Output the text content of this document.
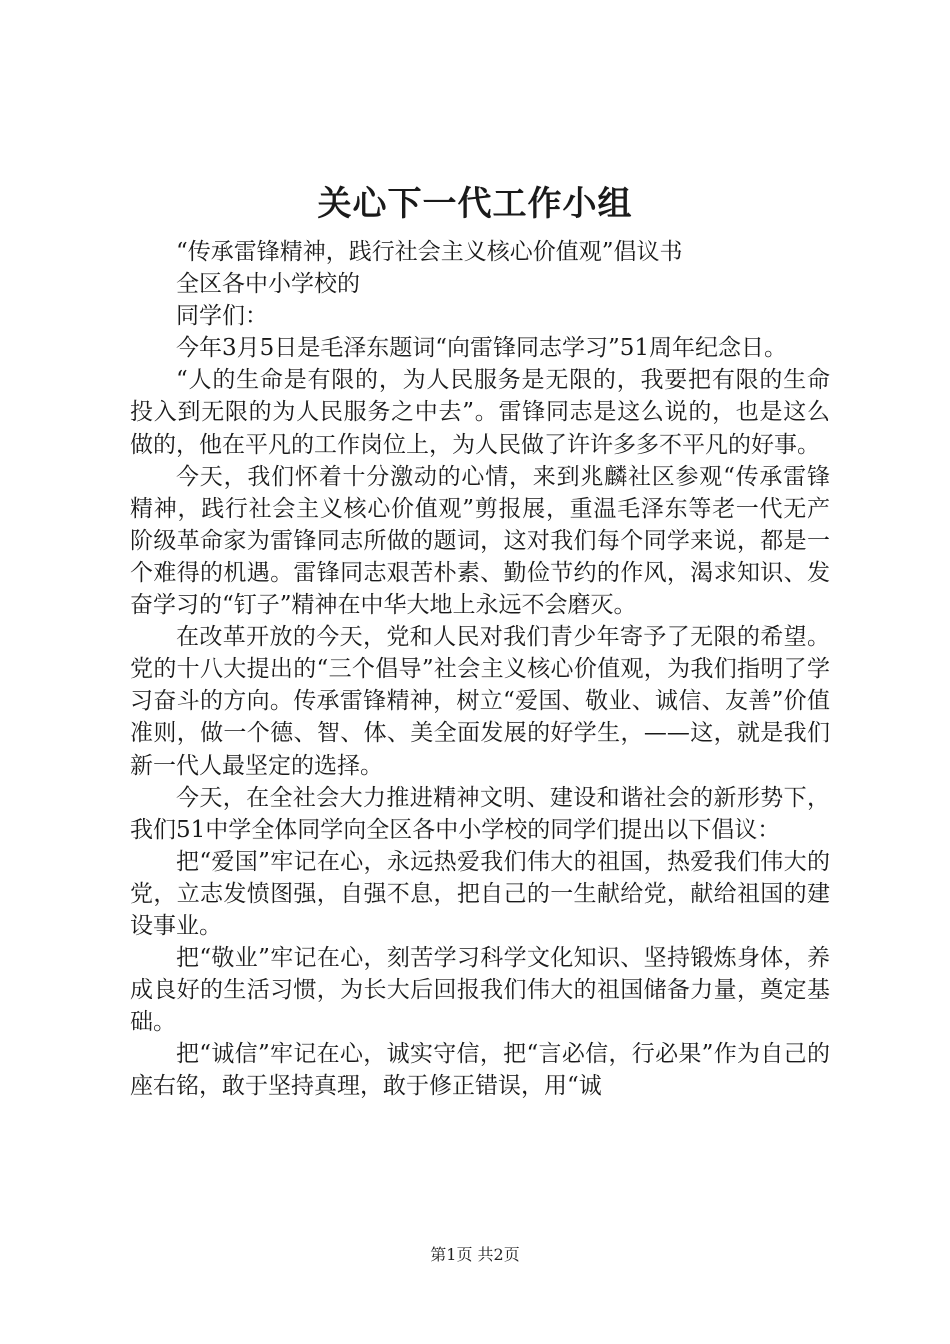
关心下一代工作小组

“传承雷锋精神，践行社会主义核心价值观”倡议书

全区各中小学校的

同学们：

今年3月5日是毛泽东题词“向雷锋同志学习”51周年纪念日。

“人的生命是有限的，为人民服务是无限的，我要把有限的生命投入到无限的为人民服务之中去”。雷锋同志是这么说的，也是这么做的，他在平凡的工作岗位上，为人民做了许许多多不平凡的好事。

今天，我们怀着十分激动的心情，来到兆麟社区参观“传承雷锋精神，践行社会主义核心价值观”剪报展，重温毛泽东等老一代无产阶级革命家为雷锋同志所做的题词，这对我们每个同学来说，都是一个难得的机遇。雷锋同志艰苦朴素、勤俭节约的作风，渴求知识、发奋学习的“钉子”精神在中华大地上永远不会磨灭。

在改革开放的今天，党和人民对我们青少年寄予了无限的希望。党的十八大提出的“三个倡导”社会主义核心价值观，为我们指明了学习奋斗的方向。传承雷锋精神，树立“爱国、敬业、诚信、友善”价值准则，做一个德、智、体、美全面发展的好学生，——这，就是我们新一代人最坚定的选择。

今天，在全社会大力推进精神文明、建设和谐社会的新形势下，我们51中学全体同学向全区各中小学校的同学们提出以下倡议：

把“爱国”牢记在心，永远热爱我们伟大的祖国，热爱我们伟大的党，立志发愤图强，自强不息，把自己的一生献给党，献给祖国的建设事业。

把“敬业”牢记在心，刻苦学习科学文化知识、坚持锻炼身体，养成良好的生活习惯，为长大后回报我们伟大的祖国储备力量，奠定基础。

把“诚信”牢记在心，诚实守信，把“言必信，行必果”作为自己的座右铭，敢于坚持真理，敢于修正错误，用“诚

第1页 共2页
